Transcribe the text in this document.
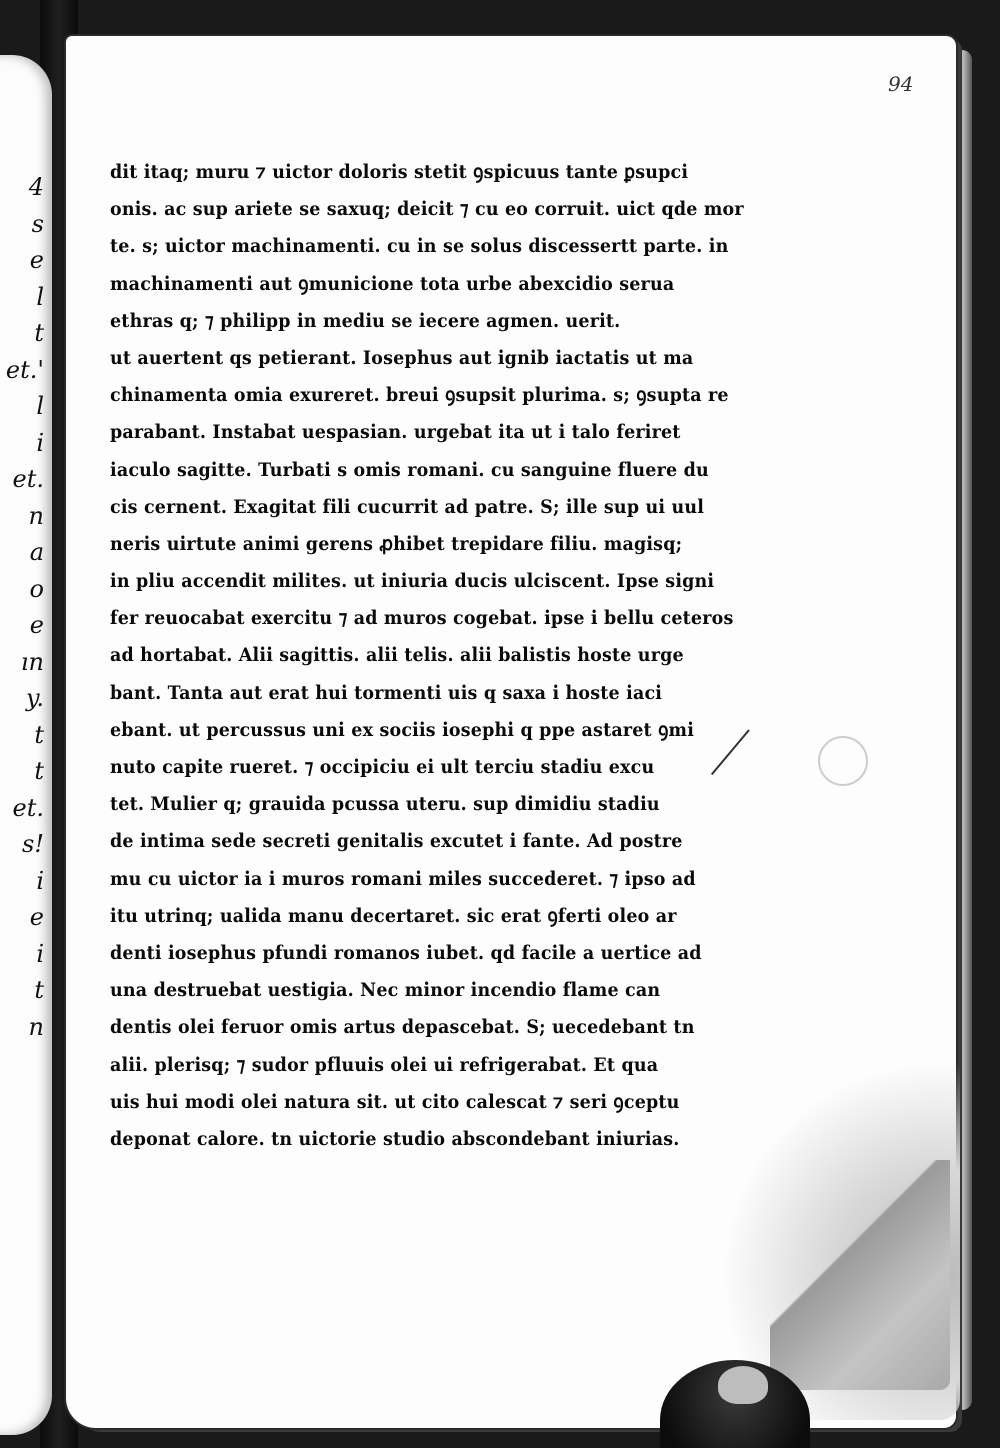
4
s
e
l
t
et.'
l
i
et.
n
a
o
e
ın
y.
t
t
et.
s!
i
e
i
t
n
94
dit itaq; muru ⁊ uictor doloris stetit ꝯspicuus tante ꝑsupci
onis. ac sup ariete se saxuq; deicit ⁊ cu eo corruit. uict qde mor
te. s; uictor machinamenti. cu in se solus discessertt parte. in
machinamenti aut ꝯmunicione tota urbe abexcidio serua
ethras q; ⁊ philipp in mediu se iecere agmen. uerit.
ut auertent qs petierant. Iosephus aut ignib iactatis ut ma
chinamenta omia exureret. breui ꝯsupsit plurima. s; ꝯsupta re
parabant. Instabat uespasian. urgebat ita ut i talo feriret
iaculo sagitte. Turbati s omis romani. cu sanguine fluere du
cis cernent. Exagitat fili cucurrit ad patre. S; ille sup ui uul
neris uirtute animi gerens ꝓhibet trepidare filiu. magisq;
in pliu accendit milites. ut iniuria ducis ulciscent. Ipse signi
fer reuocabat exercitu ⁊ ad muros cogebat. ipse i bellu ceteros
ad hortabat. Alii sagittis. alii telis. alii balistis hoste urge
bant. Tanta aut erat hui tormenti uis q saxa i hoste iaci
ebant. ut percussus uni ex sociis iosephi q ppe astaret ꝯmi
nuto capite rueret. ⁊ occipiciu ei ult terciu stadiu excu
tet. Mulier q; grauida pcussa uteru. sup dimidiu stadiu
de intima sede secreti genitalis excutet i fante. Ad postre
mu cu uictor ia i muros romani miles succederet. ⁊ ipso ad
itu utrinq; ualida manu decertaret. sic erat ꝯferti oleo ar
denti iosephus pfundi romanos iubet. qd facile a uertice ad
una destruebat uestigia. Nec minor incendio flame can
dentis olei feruor omis artus depascebat. S; uecedebant tn
alii. plerisq; ⁊ sudor pfluuis olei ui refrigerabat. Et qua
uis hui modi olei natura sit. ut cito calescat ⁊ seri ꝯceptu
deponat calore. tn uictorie studio abscondebant iniurias.
